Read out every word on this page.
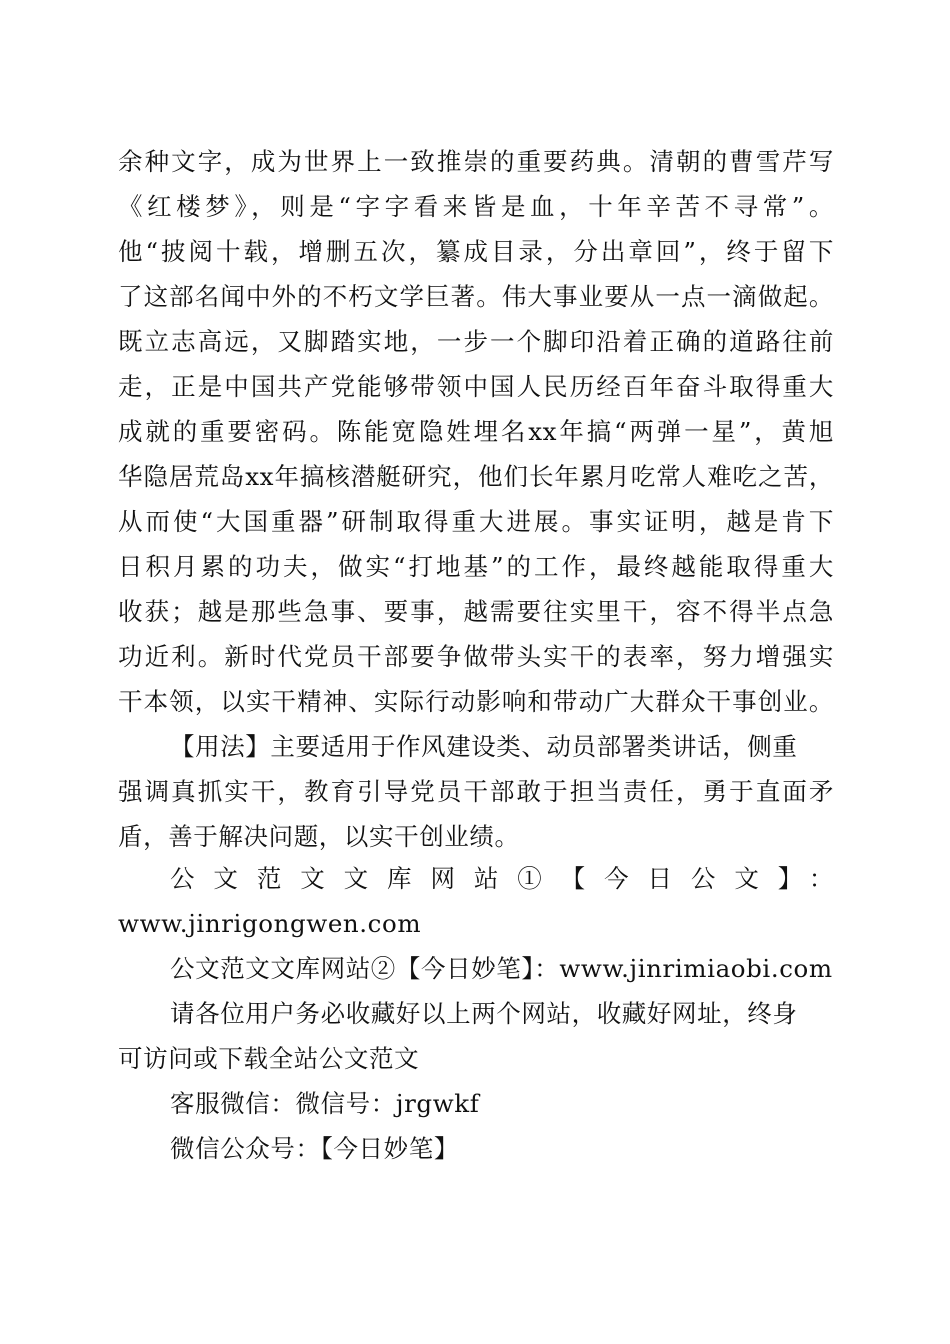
余种文字，成为世界上一致推崇的重要药典。清朝的曹雪芹写
《红楼梦》，则是“字字看来皆是血，十年辛苦不寻常”。
他“披阅十载，增删五次，纂成目录，分出章回”，终于留下
了这部名闻中外的不朽文学巨著。伟大事业要从一点一滴做起。
既立志高远，又脚踏实地，一步一个脚印沿着正确的道路往前
走，正是中国共产党能够带领中国人民历经百年奋斗取得重大
成就的重要密码。陈能宽隐姓埋名xx年搞“两弹一星”，黄旭
华隐居荒岛xx年搞核潜艇研究，他们长年累月吃常人难吃之苦，
从而使“大国重器”研制取得重大进展。事实证明，越是肯下
日积月累的功夫，做实“打地基”的工作，最终越能取得重大
收获；越是那些急事、要事，越需要往实里干，容不得半点急
功近利。新时代党员干部要争做带头实干的表率，努力增强实
干本领，以实干精神、实际行动影响和带动广大群众干事创业。
【用法】主要适用于作风建设类、动员部署类讲话，侧重
强调真抓实干，教育引导党员干部敢于担当责任，勇于直面矛
盾，善于解决问题，以实干创业绩。
公文范文文库网站①【今日公文】：
www.jinrigongwen.com
公文范文文库网站②【今日妙笔】：www.jinrimiaobi.com
请各位用户务必收藏好以上两个网站，收藏好网址，终身
可访问或下载全站公文范文
客服微信：微信号：jrgwkf
微信公众号：【今日妙笔】
